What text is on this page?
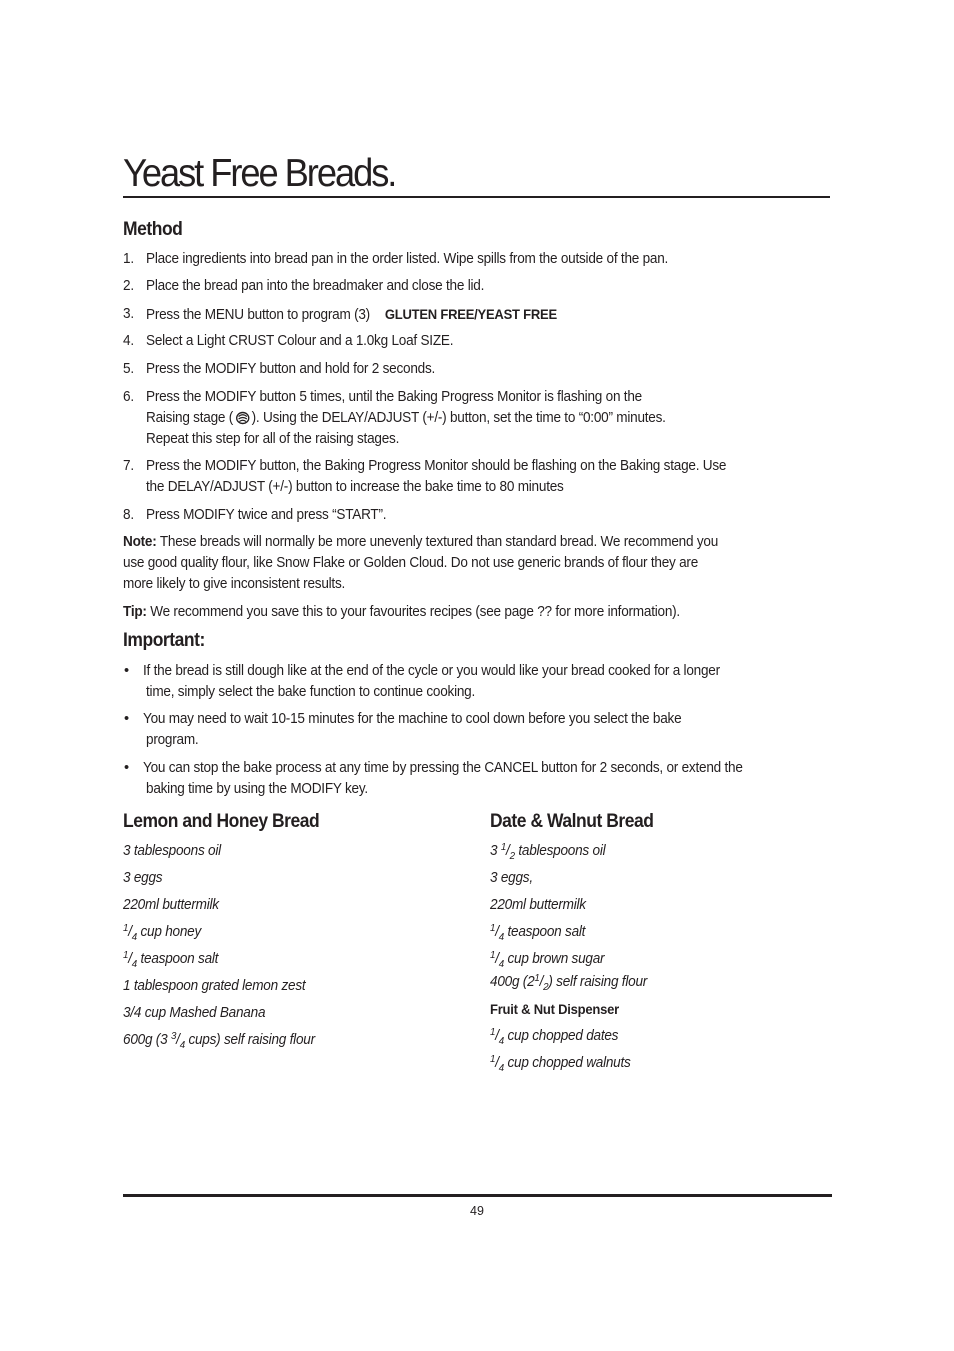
Yeast Free Breads.
Method
1. Place ingredients into bread pan in the order listed. Wipe spills from the outside of the pan.
2. Place the bread pan into the breadmaker and close the lid.
3. Press the MENU button to program (3) GLUTEN FREE/YEAST FREE
4. Select a Light CRUST Colour and a 1.0kg Loaf SIZE.
5. Press the MODIFY button and hold for 2 seconds.
6. Press the MODIFY button 5 times, until the Baking Progress Monitor is flashing on the
Raising stage ( ). Using the DELAY/ADJUST (+/-) button, set the time to “0:00” minutes.
Repeat this step for all of the raising stages.
7. Press the MODIFY button, the Baking Progress Monitor should be flashing on the Baking stage. Use
the DELAY/ADJUST (+/-) button to increase the bake time to 80 minutes
8. Press MODIFY twice and press “START”.
Note: These breads will normally be more unevenly textured than standard bread. We recommend you
use good quality flour, like Snow Flake or Golden Cloud. Do not use generic brands of flour they are
more likely to give inconsistent results.
Tip: We recommend you save this to your favourites recipes (see page ?? for more information).
Important:
• If the bread is still dough like at the end of the cycle or you would like your bread cooked for a longer
time, simply select the bake function to continue cooking.
• You may need to wait 10-15 minutes for the machine to cool down before you select the bake
program.
• You can stop the bake process at any time by pressing the CANCEL button for 2 seconds, or extend the
baking time by using the MODIFY key.
Lemon and Honey Bread
3 tablespoons oil
3 eggs
220ml buttermilk
$^1/_4$ cup honey
$^1/_4$ teaspoon salt
1 tablespoon grated lemon zest
3/4 cup Mashed Banana
600g (3 $^3/_4$ cups) self raising flour
Date & Walnut Bread
3 $^1/_2$ tablespoons oil
3 eggs,
220ml buttermilk
$^1/_4$ teaspoon salt
$^1/_4$ cup brown sugar
400g $(2^1/_2)$ self raising flour
Fruit & Nut Dispenser
$^1/_4$ cup chopped dates
$^1/_4$ cup chopped walnuts
49
